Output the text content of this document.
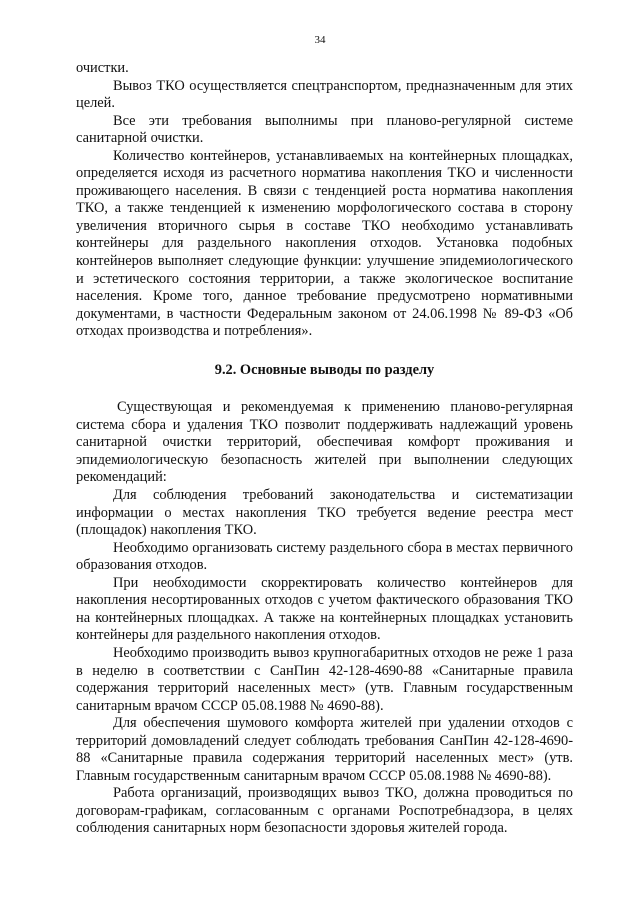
34

очистки.

Вывоз ТКО осуществляется спецтранспортом, предназначенным для этих целей.

Все эти требования выполнимы при планово-регулярной системе санитарной очистки.

Количество контейнеров, устанавливаемых на контейнерных площадках, определяется исходя из расчетного норматива накопления ТКО и численности проживающего населения. В связи с тенденцией роста норматива накопления ТКО, а также тенденцией к изменению морфологического состава в сторону увеличения вторичного сырья в составе ТКО необходимо устанавливать контейнеры для раздельного накопления отходов. Установка подобных контейнеров выполняет следующие функции: улучшение эпидемиологического и эстетического состояния территории, а также экологическое воспитание населения. Кроме того, данное требование предусмотрено нормативными документами, в частности Федеральным законом от 24.06.1998 № 89-ФЗ «Об отходах производства и потребления».

9.2. Основные выводы по разделу

Существующая и рекомендуемая к применению планово-регулярная система сбора и удаления ТКО позволит поддерживать надлежащий уровень санитарной очистки территорий, обеспечивая комфорт проживания и эпидемиологическую безопасность жителей при выполнении следующих рекомендаций:

Для соблюдения требований законодательства и систематизации информации о местах накопления ТКО требуется ведение реестра мест (площадок) накопления ТКО.

Необходимо организовать систему раздельного сбора в местах первичного образования отходов.

При необходимости скорректировать количество контейнеров для накопления несортированных отходов с учетом фактического образования ТКО на контейнерных площадках. А также на контейнерных площадках установить контейнеры для раздельного накопления отходов.

Необходимо производить вывоз крупногабаритных отходов не реже 1 раза в неделю в соответствии с СанПин 42-128-4690-88 «Санитарные правила содержания территорий населенных мест» (утв. Главным государственным санитарным врачом СССР 05.08.1988 № 4690-88).

Для обеспечения шумового комфорта жителей при удалении отходов с территорий домовладений следует соблюдать требования СанПин 42-128-4690-88 «Санитарные правила содержания территорий населенных мест» (утв. Главным государственным санитарным врачом СССР 05.08.1988 № 4690-88).

Работа организаций, производящих вывоз ТКО, должна проводиться по договорам-графикам, согласованным с органами Роспотребнадзора, в целях соблюдения санитарных норм безопасности здоровья жителей города.
